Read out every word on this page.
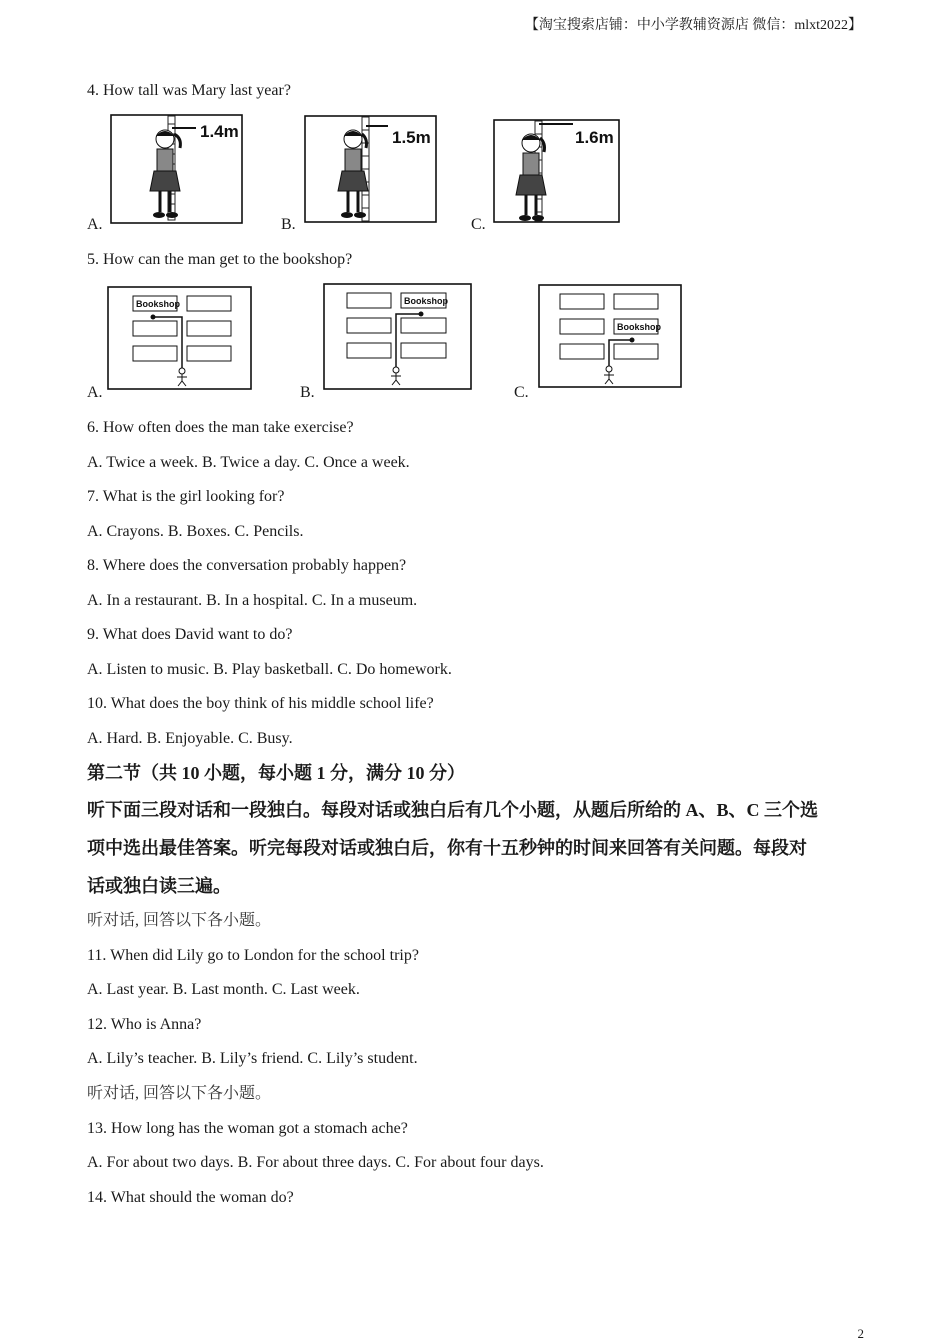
【淘宝搜索店铺：中小学教辅资源店 微信：mlxt2022】
4. How tall was Mary last year?
A.
1.4m
B.
1.5m
C.
1.6m
5. How can the man get to the bookshop?
A.
Bookshop
B.
Bookshop
C.
Bookshop
6. How often does the man take exercise?
A. Twice a week. B. Twice a day. C. Once a week.
7. What is the girl looking for?
A. Crayons. B. Boxes. C. Pencils.
8. Where does the conversation probably happen?
A. In a restaurant. B. In a hospital. C. In a museum.
9. What does David want to do?
A. Listen to music. B. Play basketball. C. Do homework.
10. What does the boy think of his middle school life?
A. Hard. B. Enjoyable. C. Busy.
第二节（共 10 小题，每小题 1 分，满分 10 分）
听下面三段对话和一段独白。每段对话或独白后有几个小题，从题后所给的 A、B、C 三个选
项中选出最佳答案。听完每段对话或独白后，你有十五秒钟的时间来回答有关问题。每段对
话或独白读三遍。
听对话, 回答以下各小题。
11. When did Lily go to London for the school trip?
A. Last year. B. Last month. C. Last week.
12. Who is Anna?
A. Lily’s teacher. B. Lily’s friend. C. Lily’s student.
听对话, 回答以下各小题。
13. How long has the woman got a stomach ache?
A. For about two days. B. For about three days. C. For about four days.
14. What should the woman do?
2
